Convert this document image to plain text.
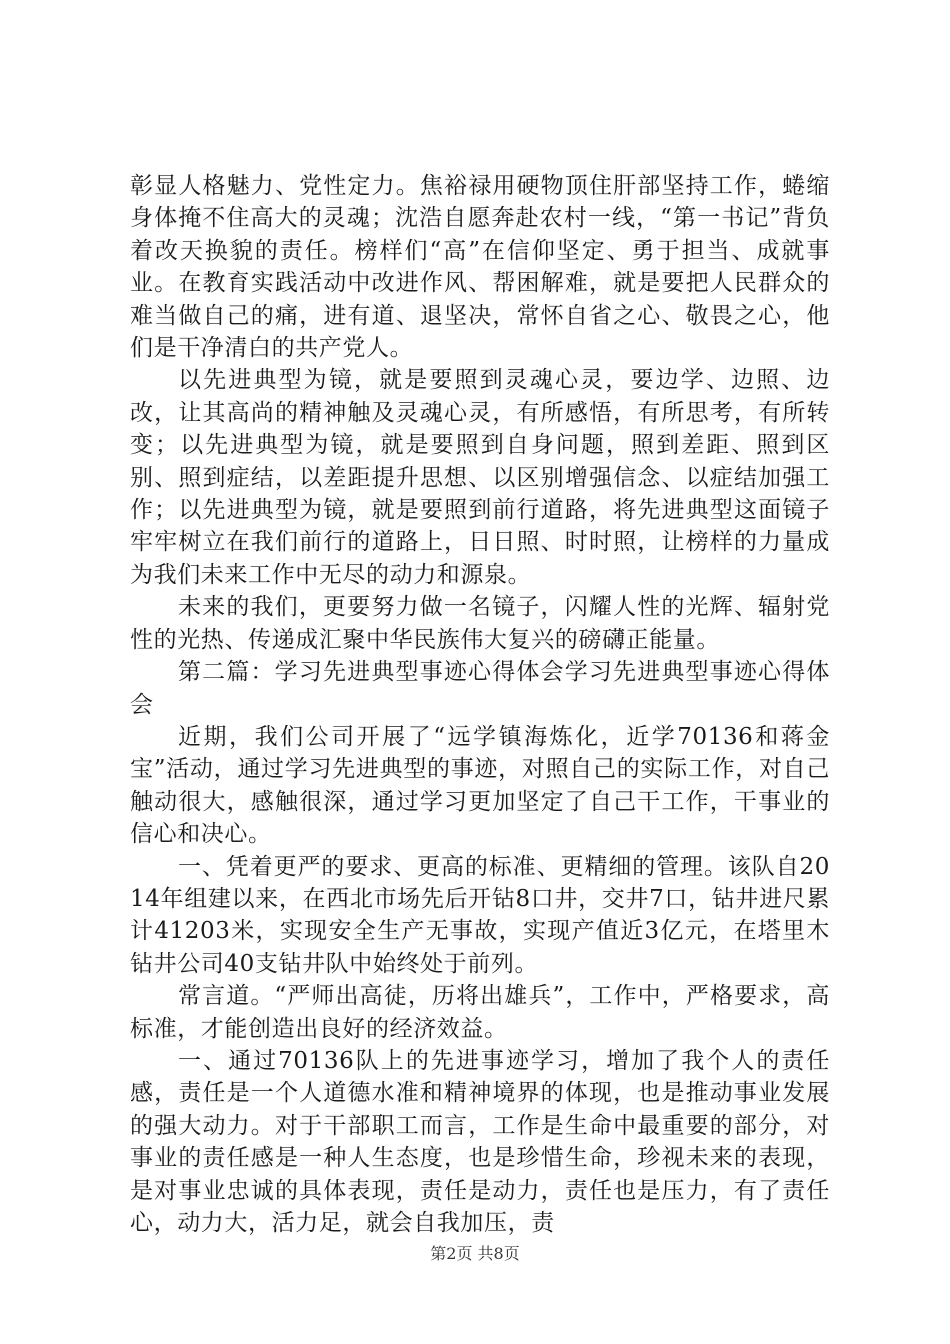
彰显人格魅力、党性定力。焦裕禄用硬物顶住肝部坚持工作，蜷缩身体掩不住高大的灵魂；沈浩自愿奔赴农村一线，“第一书记”背负着改天换貌的责任。榜样们“高”在信仰坚定、勇于担当、成就事业。在教育实践活动中改进作风、帮困解难，就是要把人民群众的难当做自己的痛，进有道、退坚决，常怀自省之心、敬畏之心，他们是干净清白的共产党人。

以先进典型为镜，就是要照到灵魂心灵，要边学、边照、边改，让其高尚的精神触及灵魂心灵，有所感悟，有所思考，有所转变；以先进典型为镜，就是要照到自身问题，照到差距、照到区别、照到症结，以差距提升思想、以区别增强信念、以症结加强工作；以先进典型为镜，就是要照到前行道路，将先进典型这面镜子牢牢树立在我们前行的道路上，日日照、时时照，让榜样的力量成为我们未来工作中无尽的动力和源泉。

未来的我们，更要努力做一名镜子，闪耀人性的光辉、辐射党性的光热、传递成汇聚中华民族伟大复兴的磅礴正能量。

第二篇：学习先进典型事迹心得体会学习先进典型事迹心得体会

近期，我们公司开展了“远学镇海炼化，近学70136和蒋金宝”活动，通过学习先进典型的事迹，对照自己的实际工作，对自己触动很大，感触很深，通过学习更加坚定了自己干工作，干事业的信心和决心。

一、凭着更严的要求、更高的标准、更精细的管理。该队自2014年组建以来，在西北市场先后开钻8口井，交井7口，钻井进尺累计41203米，实现安全生产无事故，实现产值近3亿元，在塔里木钻井公司40支钻井队中始终处于前列。

常言道。“严师出高徒，历将出雄兵”，工作中，严格要求，高标准，才能创造出良好的经济效益。

一、通过70136队上的先进事迹学习，增加了我个人的责任感，责任是一个人道德水准和精神境界的体现，也是推动事业发展的强大动力。对于干部职工而言，工作是生命中最重要的部分，对事业的责任感是一种人生态度，也是珍惜生命，珍视未来的表现，是对事业忠诚的具体表现，责任是动力，责任也是压力，有了责任心，动力大，活力足，就会自我加压，责

第2页 共8页
